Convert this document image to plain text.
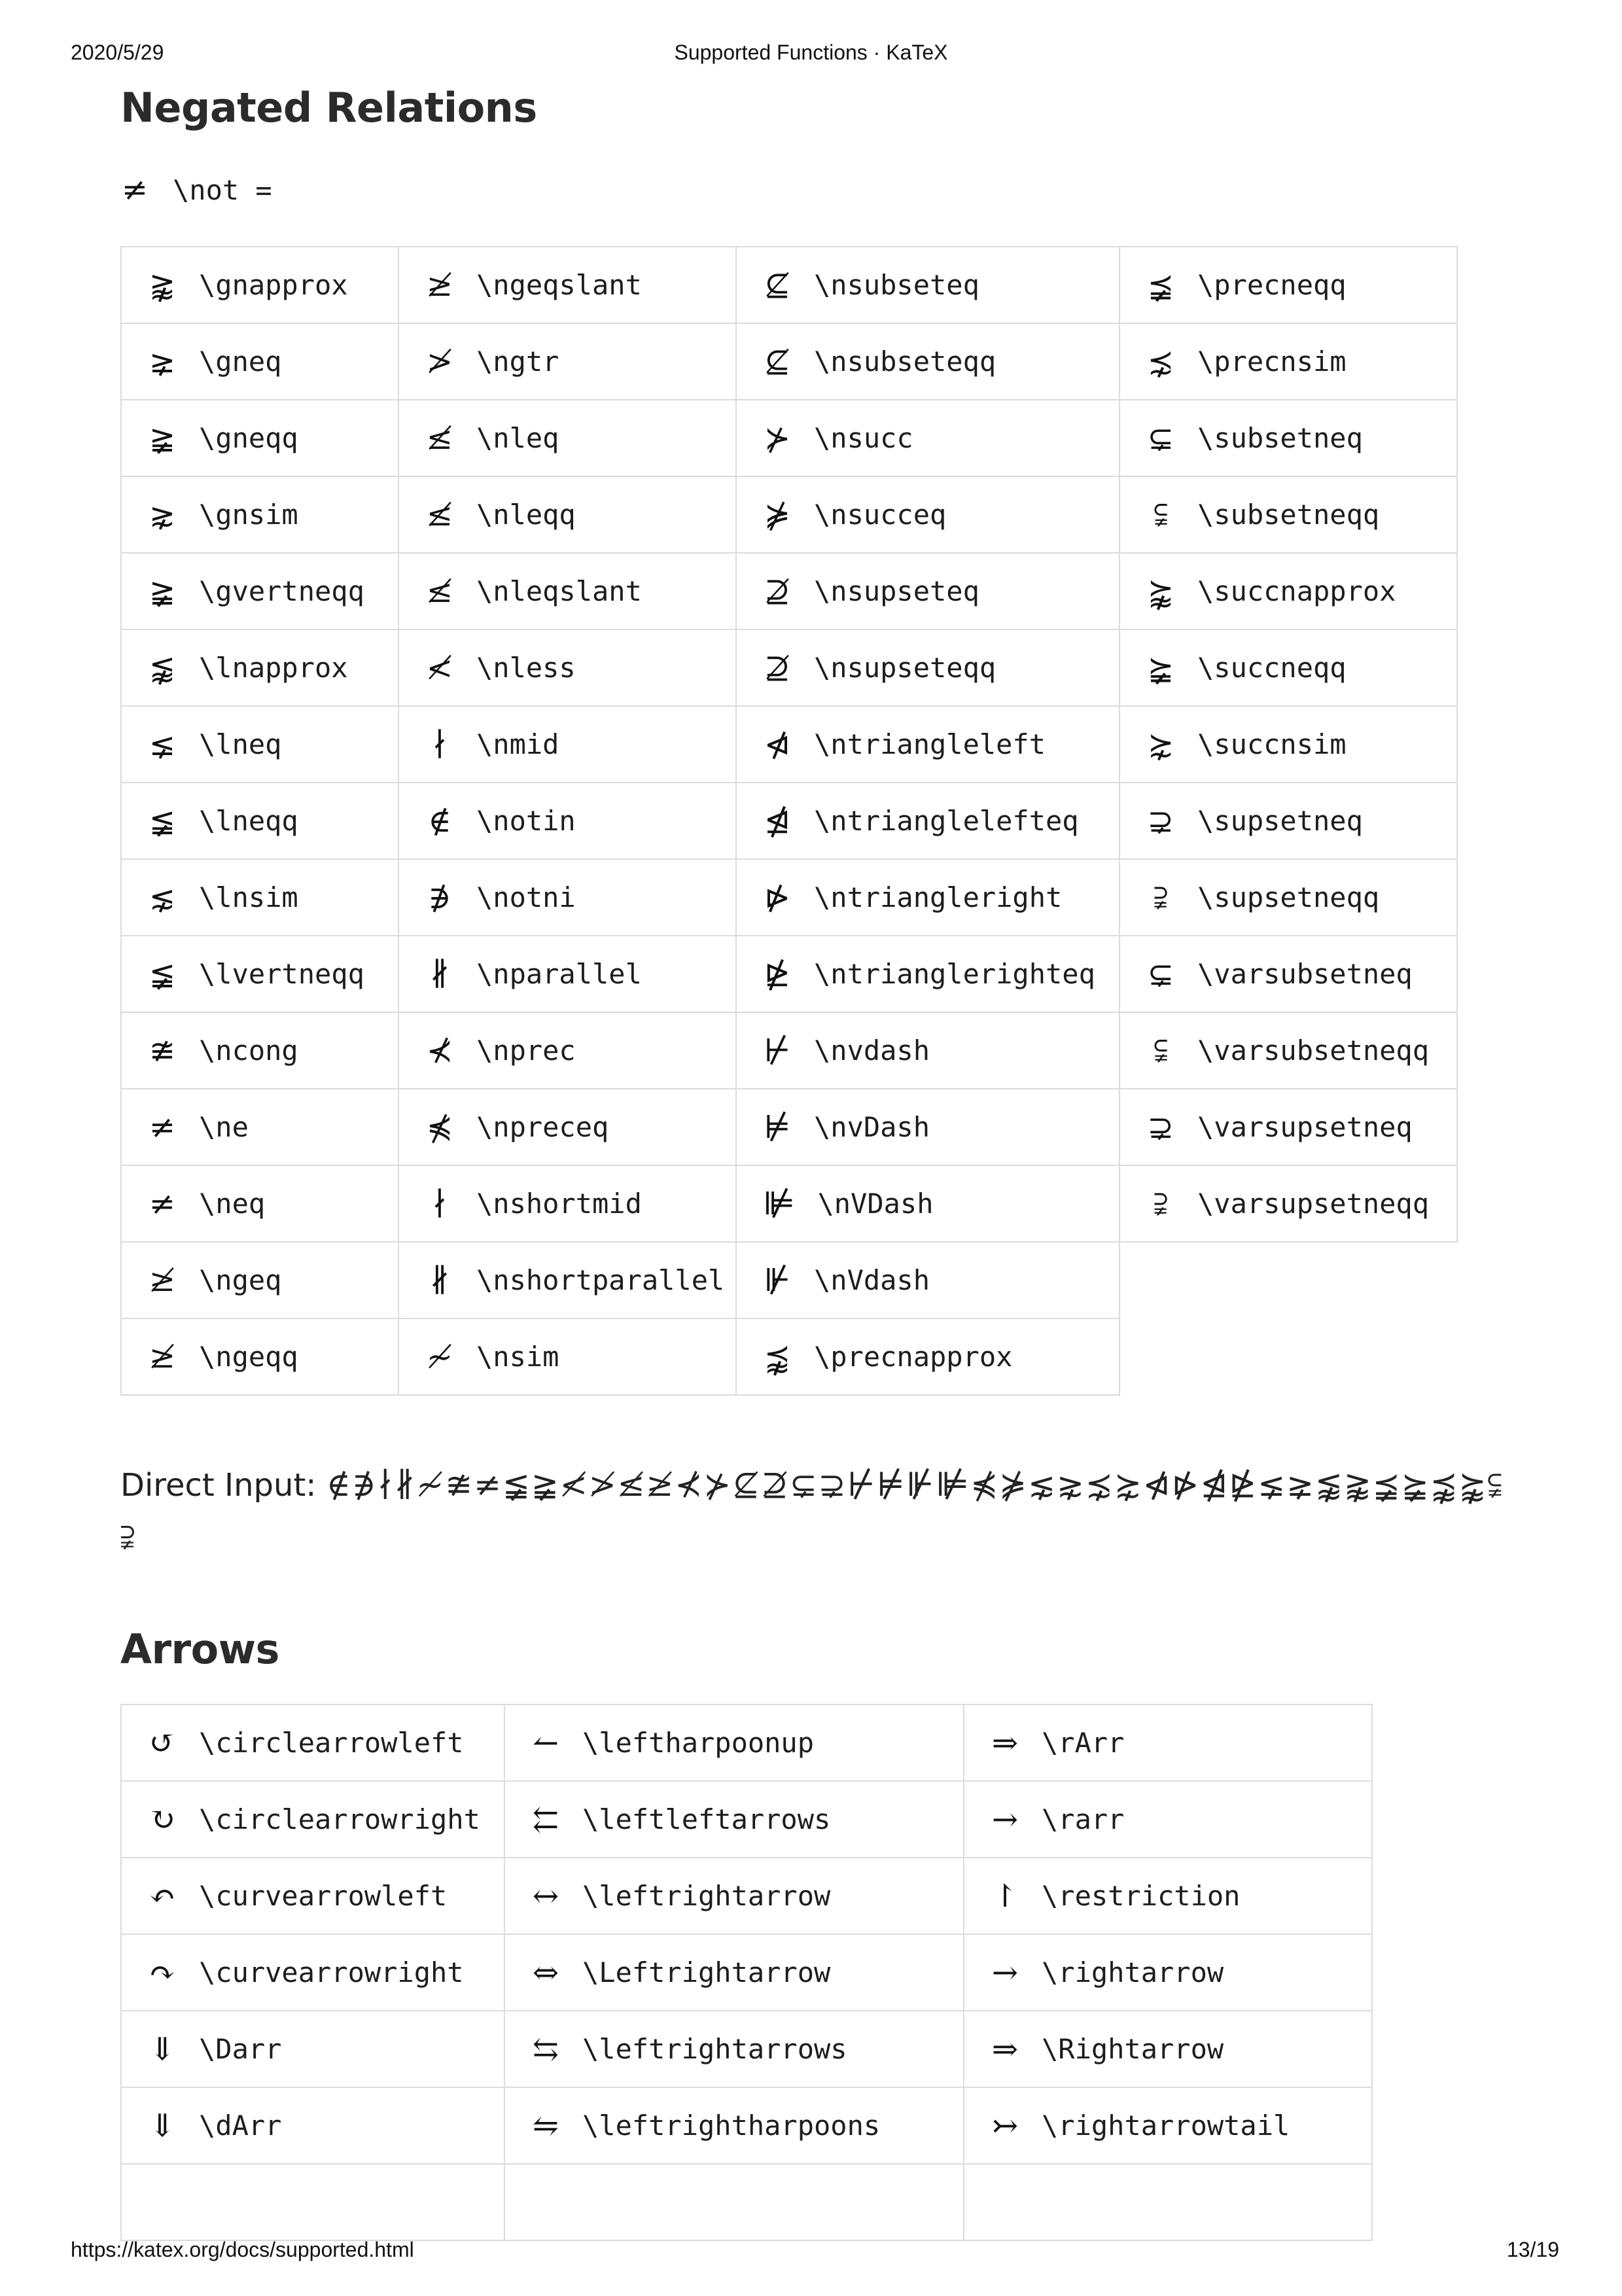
2020/5/29	Supported Functions · KaTeX
Negated Relations
≠ \not =
⪊ \gnapprox	≱ \ngeqslant	⊈ \nsubseteq	⪵ \precneqq

⪈ \gneq	≯ \ngtr	⊈ \nsubseteqq	⋨ \precnsim

≩ \gneqq	≰ \nleq	⊁ \nsucc	⊊ \subsetneq

⋧ \gnsim	≰ \nleqq	⋡ \nsucceq	⫋ \subsetneqq

≩ \gvertneqq	≰ \nleqslant	⊉ \nsupseteq	⪺ \succnapprox

⪉ \lnapprox	≮ \nless	⊉ \nsupseteqq	⪶ \succneqq

⪇ \lneq	∤ \nmid	⋪ \ntriangleleft	⋩ \succnsim

≨ \lneqq	∉ \notin	⋬ \ntrianglelefteq	⊋ \supsetneq

⋦ \lnsim	∌ \notni	⋫ \ntriangleright	⫌ \supsetneqq

≨ \lvertneqq	∦ \nparallel	⋭ \ntrianglerighteq	⊊ \varsubsetneq

≇ \ncong	⊀ \nprec	⊬ \nvdash	⫋ \varsubsetneqq

≠ \ne	⋠ \npreceq	⊭ \nvDash	⊋ \varsupsetneq

≠ \neq	∤ \nshortmid	⊯ \nVDash	⫌ \varsupsetneqq

≱ \ngeq	∦ \nshortparallel	⊮ \nVdash	

≱ \ngeqq	≁ \nsim	⪹ \precnapprox	

Direct Input: ∉∌∤∦≁≇≠≨≩≮≯≰≱⊀⊁⊈⊉⊊⊋⊬⊭⊮⊯⋠⋡⋦⋧⋨⋩⋪⋫⋬⋭⪇⪈⪉⪊⪵⪶⪹⪺⫋⫌
Arrows
↺ \circlearrowleft	↼ \leftharpoonup	⇒ \rArr

↻ \circlearrowright	⇇ \leftleftarrows	→ \rarr

↶ \curvearrowleft	↔ \leftrightarrow	↾ \restriction

↷ \curvearrowright	⇔ \Leftrightarrow	→ \rightarrow

⇓ \Darr	⇆ \leftrightarrows	⇒ \Rightarrow

⇓ \dArr	⇋ \leftrightharpoons	↣ \rightarrowtail

https://katex.org/docs/supported.html	13/19
